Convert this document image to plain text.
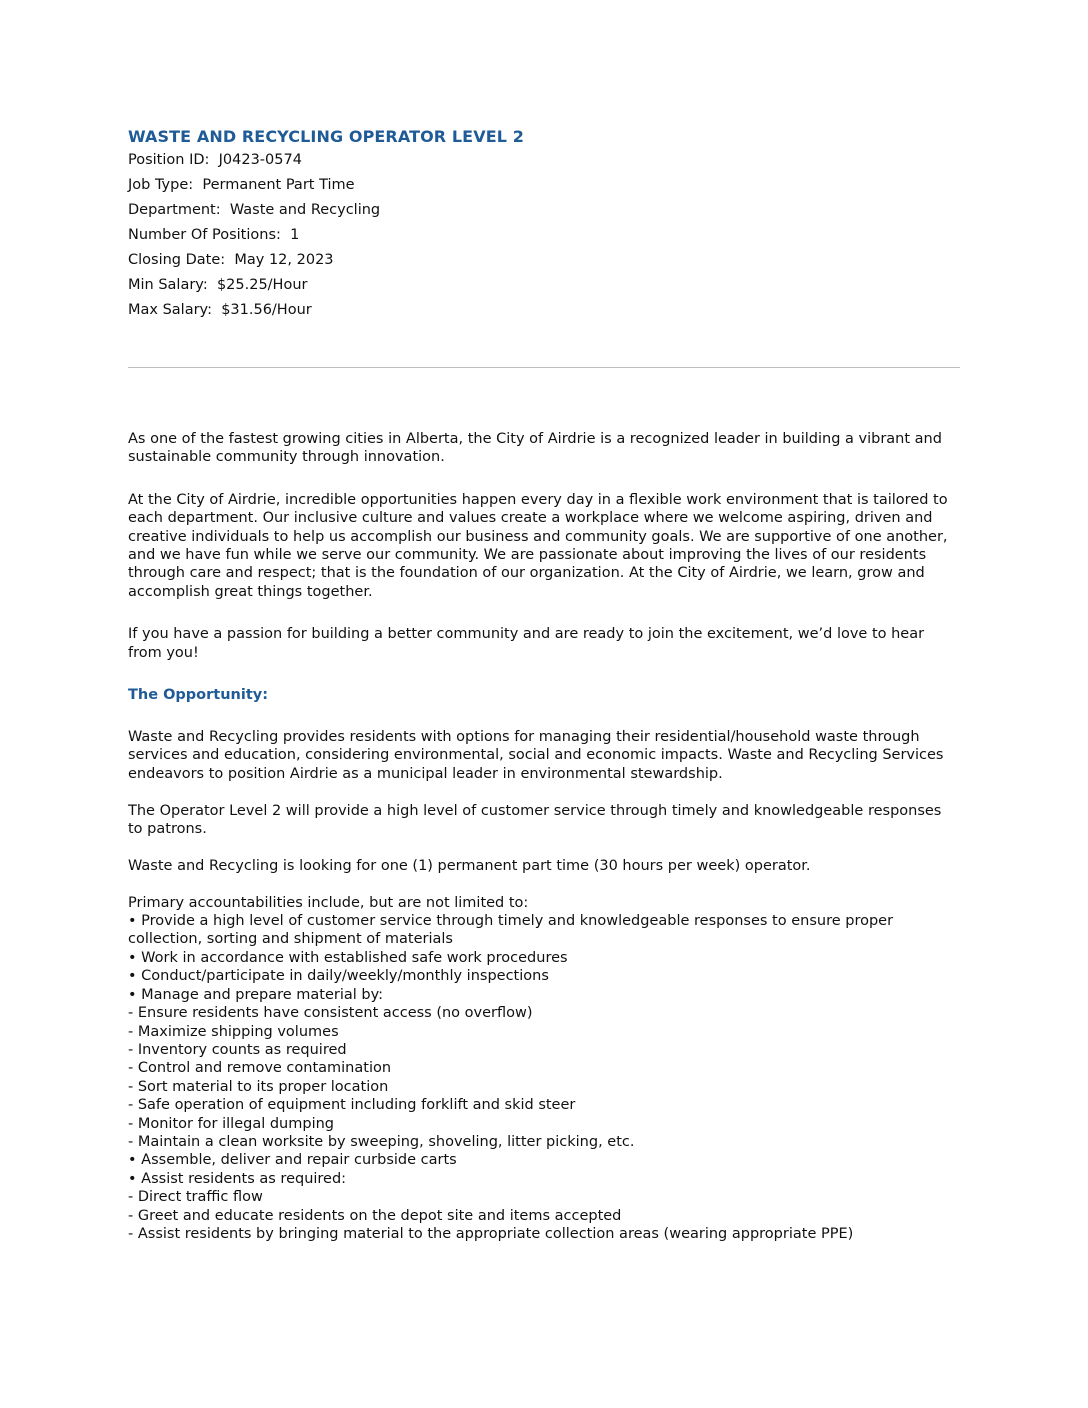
WASTE AND RECYCLING OPERATOR LEVEL 2
Position ID: J0423-0574
Job Type: Permanent Part Time
Department: Waste and Recycling
Number Of Positions: 1
Closing Date: May 12, 2023
Min Salary: $25.25/Hour
Max Salary: $31.56/Hour

As one of the fastest growing cities in Alberta, the City of Airdrie is a recognized leader in building a vibrant and sustainable community through innovation.

At the City of Airdrie, incredible opportunities happen every day in a flexible work environment that is tailored to each department. Our inclusive culture and values create a workplace where we welcome aspiring, driven and creative individuals to help us accomplish our business and community goals. We are supportive of one another, and we have fun while we serve our community. We are passionate about improving the lives of our residents through care and respect; that is the foundation of our organization. At the City of Airdrie, we learn, grow and accomplish great things together.

If you have a passion for building a better community and are ready to join the excitement, we’d love to hear from you!

The Opportunity:

Waste and Recycling provides residents with options for managing their residential/household waste through services and education, considering environmental, social and economic impacts. Waste and Recycling Services endeavors to position Airdrie as a municipal leader in environmental stewardship.

The Operator Level 2 will provide a high level of customer service through timely and knowledgeable responses to patrons.

Waste and Recycling is looking for one (1) permanent part time (30 hours per week) operator.

Primary accountabilities include, but are not limited to:

• Provide a high level of customer service through timely and knowledgeable responses to ensure proper collection, sorting and shipment of materials
• Work in accordance with established safe work procedures
• Conduct/participate in daily/weekly/monthly inspections
• Manage and prepare material by:
- Ensure residents have consistent access (no overflow)
- Maximize shipping volumes
- Inventory counts as required
- Control and remove contamination
- Sort material to its proper location
- Safe operation of equipment including forklift and skid steer
- Monitor for illegal dumping
- Maintain a clean worksite by sweeping, shoveling, litter picking, etc.
• Assemble, deliver and repair curbside carts
• Assist residents as required:
- Direct traffic flow
- Greet and educate residents on the depot site and items accepted
- Assist residents by bringing material to the appropriate collection areas (wearing appropriate PPE)
